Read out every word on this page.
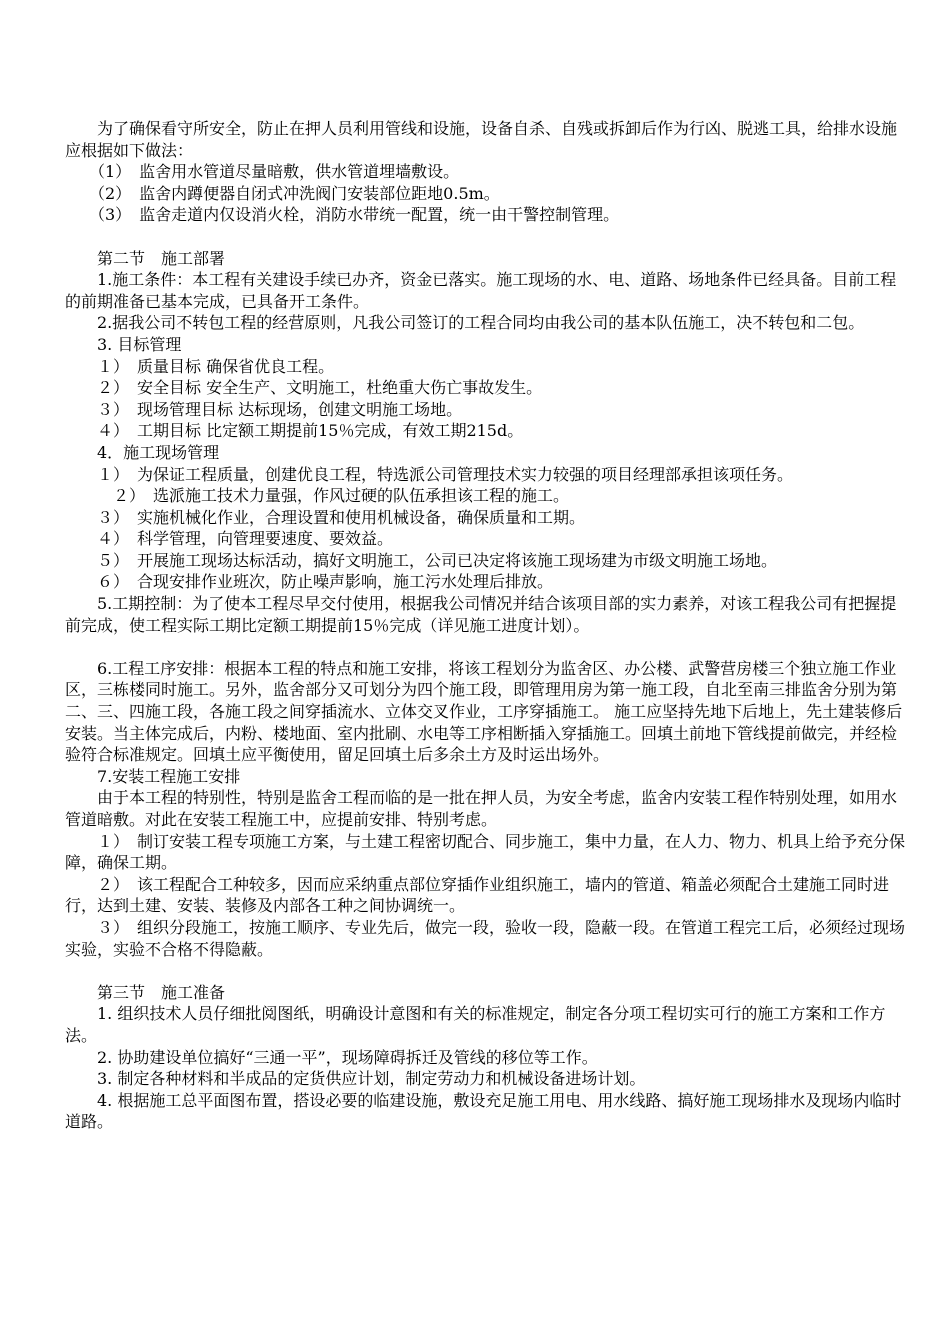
　　为了确保看守所安全，防止在押人员利用管线和设施，设备自杀、自残或拆卸后作为行凶、脱逃工具，给排水设施应根据如下做法：

　　（1）　监舍用水管道尽量暗敷，供水管道埋墙敷设。

　　（2）　监舍内蹲便器自闭式冲洗阀门安装部位距地0.5m。

　　（3）　监舍走道内仅设消火栓，消防水带统一配置，统一由干警控制管理。

　　第二节　施工部署

　　1.施工条件：本工程有关建设手续已办齐，资金已落实。施工现场的水、电、道路、场地条件已经具备。目前工程的前期准备已基本完成，已具备开工条件。

　　2.据我公司不转包工程的经营原则，凡我公司签订的工程合同均由我公司的基本队伍施工，决不转包和二包。

　　3. 目标管理

　　１）　质量目标 确保省优良工程。

　　２）　安全目标 安全生产、文明施工，杜绝重大伤亡事故发生。

　　３）　现场管理目标 达标现场，创建文明施工场地。

　　４）　工期目标 比定额工期提前15％完成，有效工期215d。

　　4．施工现场管理

　　１）　为保证工程质量，创建优良工程，特选派公司管理技术实力较强的项目经理部承担该项任务。

　　　２）　选派施工技术力量强，作风过硬的队伍承担该工程的施工。

　　３）　实施机械化作业，合理设置和使用机械设备，确保质量和工期。

　　４）　科学管理，向管理要速度、要效益。

　　５）　开展施工现场达标活动，搞好文明施工，公司已决定将该施工现场建为市级文明施工场地。

　　６）　合现安排作业班次，防止噪声影响，施工污水处理后排放。

　　5.工期控制：为了使本工程尽早交付使用，根据我公司情况并结合该项目部的实力素养，对该工程我公司有把握提前完成，使工程实际工期比定额工期提前15％完成（详见施工进度计划）。

　　6.工程工序安排：根据本工程的特点和施工安排，将该工程划分为监舍区、办公楼、武警营房楼三个独立施工作业区，三栋楼同时施工。另外，监舍部分又可划分为四个施工段，即管理用房为第一施工段，自北至南三排监舍分别为第二、三、四施工段，各施工段之间穿插流水、立体交叉作业，工序穿插施工。 施工应坚持先地下后地上，先土建装修后安装。当主体完成后，内粉、楼地面、室内批刷、水电等工序相断插入穿插施工。回填土前地下管线提前做完，并经检验符合标准规定。回填土应平衡使用，留足回填土后多余土方及时运出场外。

　　7.安装工程施工安排

　　由于本工程的特别性，特别是监舍工程而临的是一批在押人员，为安全考虑，监舍内安装工程作特别处理，如用水管道暗敷。对此在安装工程施工中，应提前安排、特别考虑。

　　１）　制订安装工程专项施工方案，与土建工程密切配合、同步施工，集中力量，在人力、物力、机具上给予充分保障，确保工期。

　　２）　该工程配合工种较多，因而应采纳重点部位穿插作业组织施工，墙内的管道、箱盖必须配合土建施工同时进行，达到土建、安装、装修及内部各工种之间协调统一。

　　３）　组织分段施工，按施工顺序、专业先后，做完一段，验收一段，隐蔽一段。在管道工程完工后，必须经过现场实验，实验不合格不得隐蔽。

　　第三节　施工准备

　　1. 组织技术人员仔细批阅图纸，明确设计意图和有关的标准规定，制定各分项工程切实可行的施工方案和工作方法。

　　2. 协助建设单位搞好“三通一平”，现场障碍拆迁及管线的移位等工作。

　　3. 制定各种材料和半成品的定货供应计划，制定劳动力和机械设备进场计划。

　　4. 根据施工总平面图布置，搭设必要的临建设施，敷设充足施工用电、用水线路、搞好施工现场排水及现场内临时道路。
